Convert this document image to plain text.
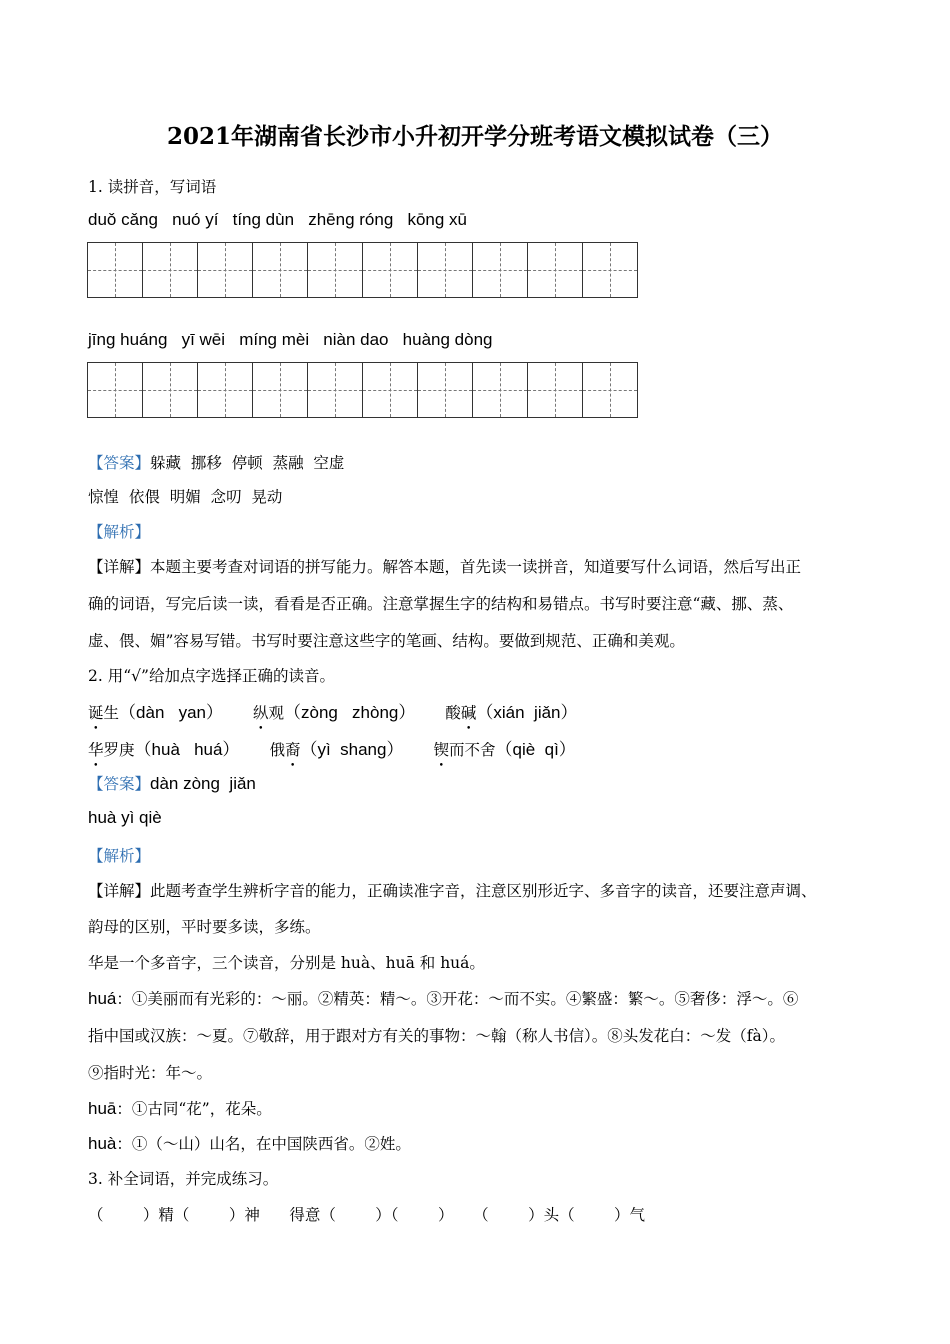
2021年湖南省长沙市小升初开学分班考语文模拟试卷（三）
1. 读拼音，写词语
duǒ cǎng   nuó yí   tíng dùn   zhēng róng   kōng xū
jīng huáng   yī wēi   míng mèi   niàn dao   huàng dòng
【答案】躲藏  挪移  停顿  蒸融  空虚
惊惶  依偎  明媚  念叨  晃动
【解析】
【详解】本题主要考查对词语的拼写能力。解答本题，首先读一读拼音，知道要写什么词语，然后写出正
确的词语，写完后读一读，看看是否正确。注意掌握生字的结构和易错点。书写时要注意“藏、挪、蒸、
虚、偎、媚”容易写错。书写时要注意这些字的笔画、结构。要做到规范、正确和美观。
2. 用“√”给加点字选择正确的读音。
诞生（dàn   yan） 纵观（zòng   zhòng） 酸碱（xián  jiǎn）
华罗庚（huà   huá） 俄裔（yì  shang） 锲而不舍（qiè  qì）
【答案】dàn zòng  jiǎn
huà yì qiè
【解析】
【详解】此题考查学生辨析字音的能力，正确读准字音，注意区别形近字、多音字的读音，还要注意声调、
韵母的区别，平时要多读，多练。
华是一个多音字，三个读音，分别是 huà、huā 和 huá。
huá：①美丽而有光彩的：～丽。②精英：精～。③开花：～而不实。④繁盛：繁～。⑤奢侈：浮～。⑥
指中国或汉族：～夏。⑦敬辞，用于跟对方有关的事物：～翰（称人书信）。⑧头发花白：～发（fà）。
⑨指时光：年～。
huā：①古同“花”，花朵。
huà：①（～山）山名，在中国陕西省。②姓。
3. 补全词语，并完成练习。
（        ）精（        ）神      得意（        ）（        ）    （        ）头（        ）气
